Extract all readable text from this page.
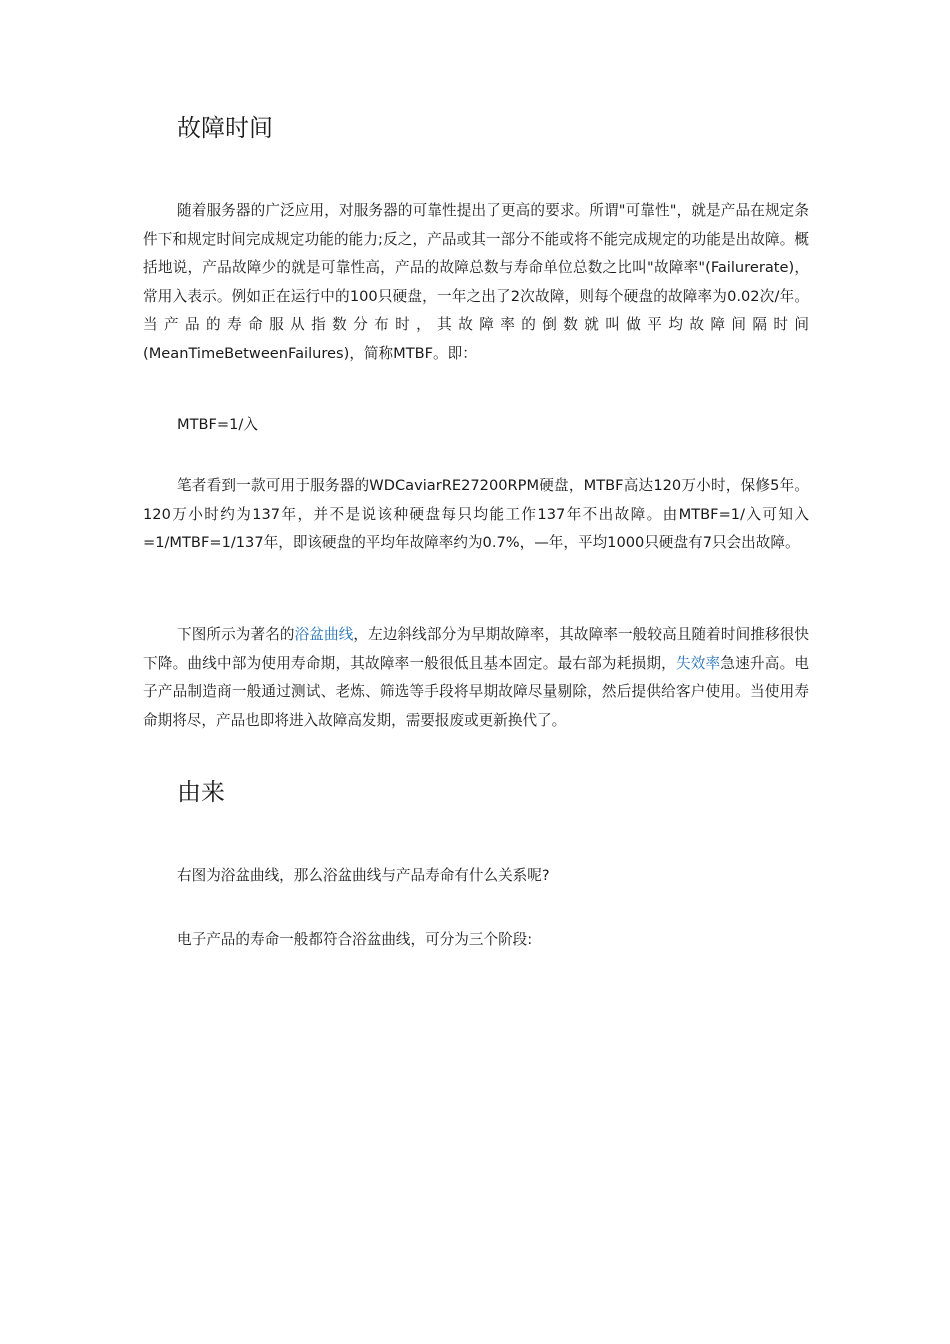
故障时间

随着服务器的广泛应用，对服务器的可靠性提出了更高的要求。所谓"可靠性"，就是产品在规定条件下和规定时间完成规定功能的能力;反之，产品或其一部分不能或将不能完成规定的功能是出故障。概括地说，产品故障少的就是可靠性高，产品的故障总数与寿命单位总数之比叫"故障率"(Failurerate)，常用入表示。例如正在运行中的100只硬盘，一年之出了2次故障，则每个硬盘的故障率为0.02次/年。当产品的寿命服从指数分布时，其故障率的倒数就叫做平均故障间隔时间(MeanTimeBetweenFailures)，简称MTBF。即：

MTBF=1/入

笔者看到一款可用于服务器的WDCaviarRE27200RPM硬盘，MTBF高达120万小时，保修5年。120万小时约为137年，并不是说该种硬盘每只均能工作137年不出故障。由MTBF=1/入可知入=1/MTBF=1/137年，即该硬盘的平均年故障率约为0.7%，—年，平均1000只硬盘有7只会出故障。

下图所示为著名的浴盆曲线，左边斜线部分为早期故障率，其故障率一般较高且随着时间推移很快下降。曲线中部为使用寿命期，其故障率一般很低且基本固定。最右部为耗损期，失效率急速升高。电子产品制造商一般通过测试、老炼、筛选等手段将早期故障尽量剔除，然后提供给客户使用。当使用寿命期将尽，产品也即将进入故障高发期，需要报废或更新换代了。

由来

右图为浴盆曲线，那么浴盆曲线与产品寿命有什么关系呢?

电子产品的寿命一般都符合浴盆曲线，可分为三个阶段:
